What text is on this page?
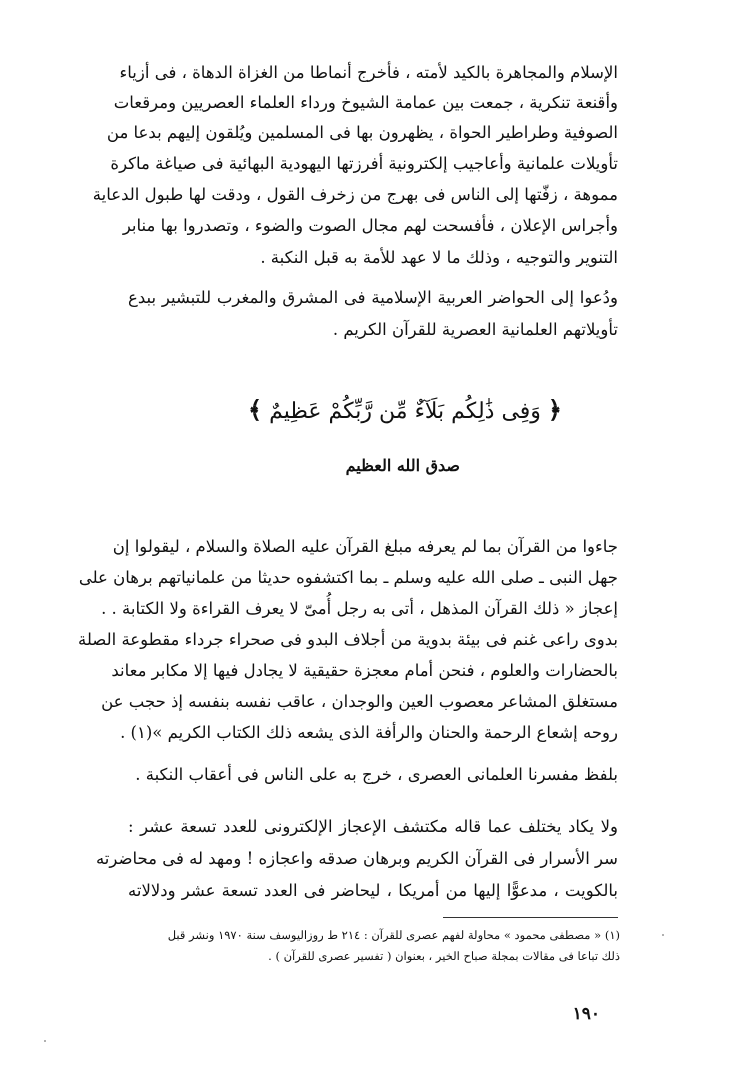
الإسلام والمجاهرة بالكيد لأمته ، فأخرج أنماطا من الغزاة الدهاة ، فى أزياء
وأقنعة تنكرية ، جمعت بين عمامة الشيوخ ورداء العلماء العصريين ومرقعات
الصوفية وطراطير الحواة ، يظهرون بها فى المسلمين ويُلقون إليهم بدعا من
تأويلات علمانية وأعاجيب إلكترونية أفرزتها اليهودية البهائية فى صياغة ماكرة
مموهة ، زفّتها إلى الناس فى بهرج من زخرف القول ، ودقت لها طبول الدعاية
وأجراس الإعلان ، فأفسحت لهم مجال الصوت والضوء ، وتصدروا بها منابر
التنوير والتوجيه ، وذلك ما لا عهد للأمة به قبل النكبة .
ودُعوا إلى الحواضر العربية الإسلامية فى المشرق والمغرب للتبشير ببدع
تأويلاتهم العلمانية العصرية للقرآن الكريم .
﴿ وَفِى ذَٰلِكُم بَلَآءٌ مِّن رَّبِّكُمْ عَظِيمٌ ﴾
صدق الله العظيم
جاءوا من القرآن بما لم يعرفه مبلغ القرآن عليه الصلاة والسلام ، ليقولوا إن
جهل النبى ـ صلى الله عليه وسلم ـ بما اكتشفوه حديثا من علمانياتهم برهان على
إعجاز « ذلك القرآن المذهل ، أتى به رجل أُمىّ لا يعرف القراءة ولا الكتابة . .
بدوى راعى غنم فى بيئة بدوية من أجلاف البدو فى صحراء جرداء مقطوعة الصلة
بالحضارات والعلوم ، فنحن أمام معجزة حقيقية لا يجادل فيها إلا مكابر معاند
مستغلق المشاعر معصوب العين والوجدان ، عاقب نفسه بنفسه إذ حجب عن
روحه إشعاع الرحمة والحنان والرأفة الذى يشعه ذلك الكتاب الكريم »(١) .
بلفظ مفسرنا العلمانى العصرى ، خرج به على الناس فى أعقاب النكبة .
ولا يكاد يختلف عما قاله مكتشف الإعجاز الإلكترونى للعدد تسعة عشر :
سر الأسرار فى القرآن الكريم وبرهان صدقه واعجازه ! ومهد له فى محاضرته
بالكويت ، مدعوًّا إليها من أمريكا ، ليحاضر فى العدد تسعة عشر ودلالاته
(١) « مصطفى محمود » محاولة لفهم عصرى للقرآن : ٢١٤ ط روزاليوسف سنة ١٩٧٠ ونشر قبل
ذلك تباعا فى مقالات بمجلة صباح الخير ، بعنوان ( تفسير عصرى للقرآن ) .
١٩٠
